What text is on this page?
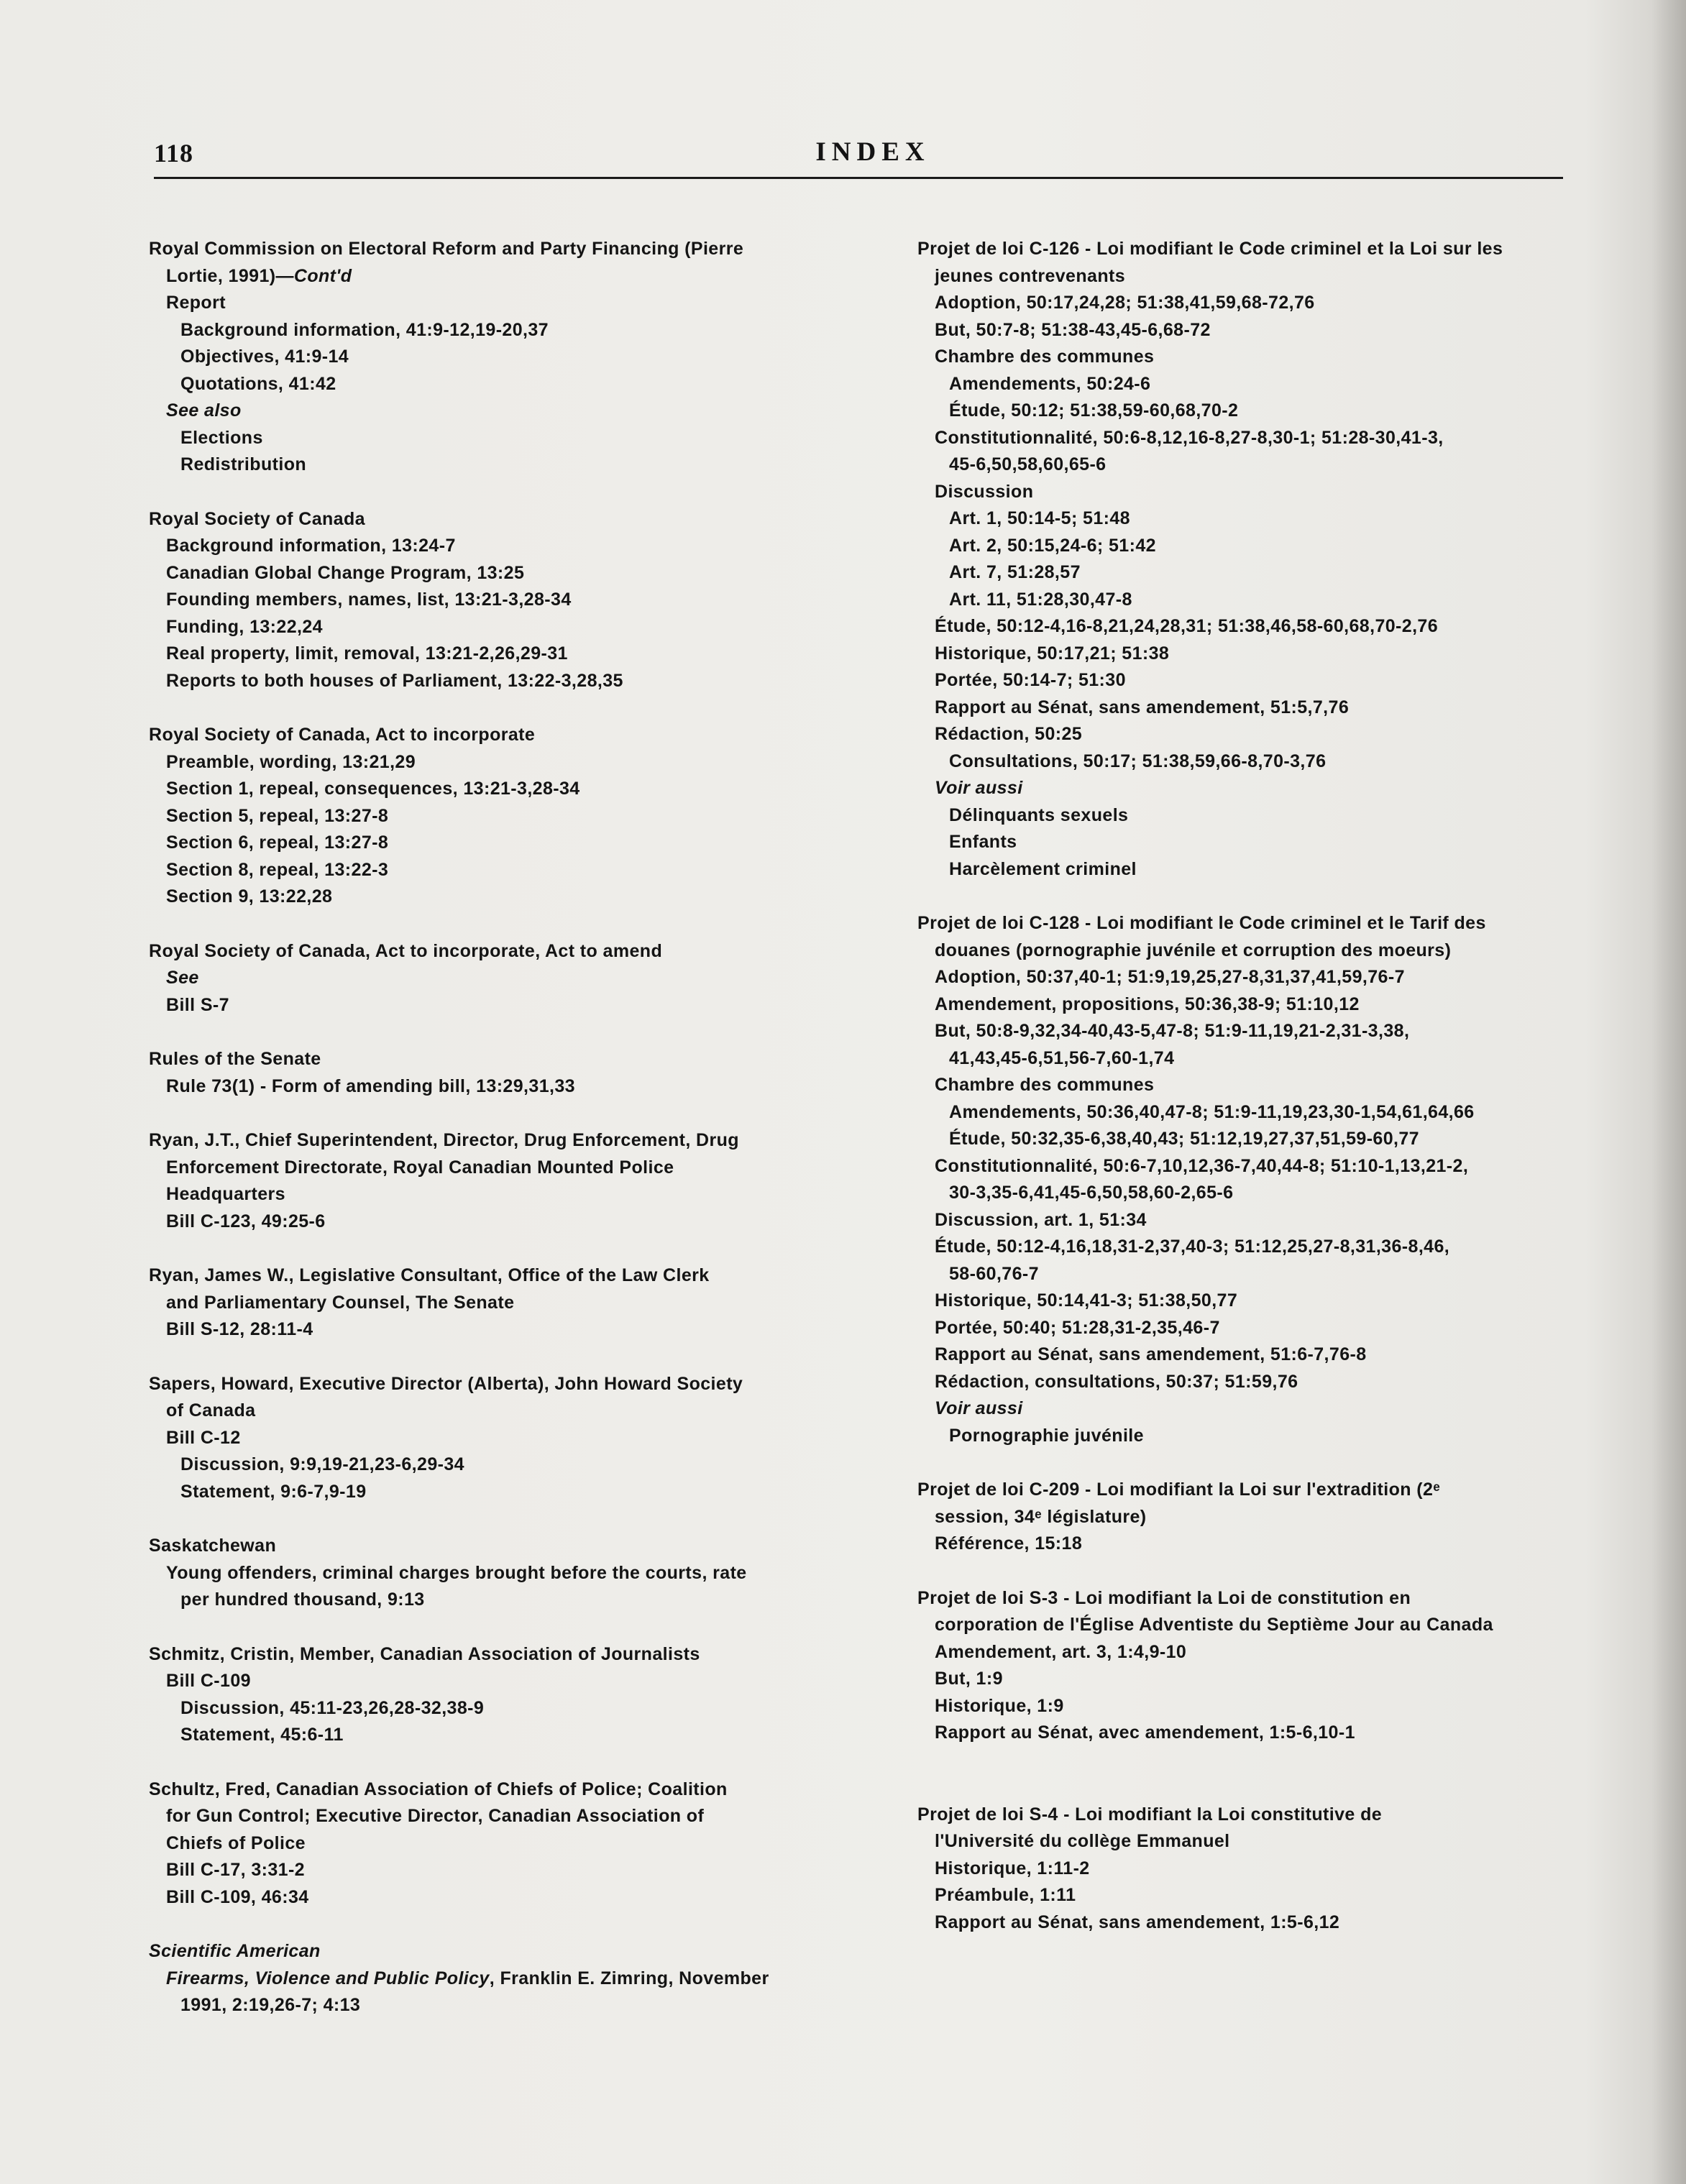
118	INDEX
Royal Commission on Electoral Reform and Party Financing (Pierre
Lortie, 1991)—Cont'd
Report
Background information, 41:9-12,19-20,37
Objectives, 41:9-14
Quotations, 41:42
See also
Elections
Redistribution
Royal Society of Canada
Background information, 13:24-7
Canadian Global Change Program, 13:25
Founding members, names, list, 13:21-3,28-34
Funding, 13:22,24
Real property, limit, removal, 13:21-2,26,29-31
Reports to both houses of Parliament, 13:22-3,28,35
Royal Society of Canada, Act to incorporate
Preamble, wording, 13:21,29
Section 1, repeal, consequences, 13:21-3,28-34
Section 5, repeal, 13:27-8
Section 6, repeal, 13:27-8
Section 8, repeal, 13:22-3
Section 9, 13:22,28
Royal Society of Canada, Act to incorporate, Act to amend
See
Bill S-7
Rules of the Senate
Rule 73(1) - Form of amending bill, 13:29,31,33
Ryan, J.T., Chief Superintendent, Director, Drug Enforcement, Drug
Enforcement Directorate, Royal Canadian Mounted Police
Headquarters
Bill C-123, 49:25-6
Ryan, James W., Legislative Consultant, Office of the Law Clerk
and Parliamentary Counsel, The Senate
Bill S-12, 28:11-4
Sapers, Howard, Executive Director (Alberta), John Howard Society
of Canada
Bill C-12
Discussion, 9:9,19-21,23-6,29-34
Statement, 9:6-7,9-19
Saskatchewan
Young offenders, criminal charges brought before the courts, rate
per hundred thousand, 9:13
Schmitz, Cristin, Member, Canadian Association of Journalists
Bill C-109
Discussion, 45:11-23,26,28-32,38-9
Statement, 45:6-11
Schultz, Fred, Canadian Association of Chiefs of Police; Coalition
for Gun Control; Executive Director, Canadian Association of
Chiefs of Police
Bill C-17, 3:31-2
Bill C-109, 46:34
Scientific American
Firearms, Violence and Public Policy, Franklin E. Zimring, November
1991, 2:19,26-7; 4:13
Projet de loi C-126 - Loi modifiant le Code criminel et la Loi sur les
jeunes contrevenants
Adoption, 50:17,24,28; 51:38,41,59,68-72,76
But, 50:7-8; 51:38-43,45-6,68-72
Chambre des communes
Amendements, 50:24-6
Étude, 50:12; 51:38,59-60,68,70-2
Constitutionnalité, 50:6-8,12,16-8,27-8,30-1; 51:28-30,41-3,
45-6,50,58,60,65-6
Discussion
Art. 1, 50:14-5; 51:48
Art. 2, 50:15,24-6; 51:42
Art. 7, 51:28,57
Art. 11, 51:28,30,47-8
Étude, 50:12-4,16-8,21,24,28,31; 51:38,46,58-60,68,70-2,76
Historique, 50:17,21; 51:38
Portée, 50:14-7; 51:30
Rapport au Sénat, sans amendement, 51:5,7,76
Rédaction, 50:25
Consultations, 50:17; 51:38,59,66-8,70-3,76
Voir aussi
Délinquants sexuels
Enfants
Harcèlement criminel
Projet de loi C-128 - Loi modifiant le Code criminel et le Tarif des
douanes (pornographie juvénile et corruption des moeurs)
Adoption, 50:37,40-1; 51:9,19,25,27-8,31,37,41,59,76-7
Amendement, propositions, 50:36,38-9; 51:10,12
But, 50:8-9,32,34-40,43-5,47-8; 51:9-11,19,21-2,31-3,38,
41,43,45-6,51,56-7,60-1,74
Chambre des communes
Amendements, 50:36,40,47-8; 51:9-11,19,23,30-1,54,61,64,66
Étude, 50:32,35-6,38,40,43; 51:12,19,27,37,51,59-60,77
Constitutionnalité, 50:6-7,10,12,36-7,40,44-8; 51:10-1,13,21-2,
30-3,35-6,41,45-6,50,58,60-2,65-6
Discussion, art. 1, 51:34
Étude, 50:12-4,16,18,31-2,37,40-3; 51:12,25,27-8,31,36-8,46,
58-60,76-7
Historique, 50:14,41-3; 51:38,50,77
Portée, 50:40; 51:28,31-2,35,46-7
Rapport au Sénat, sans amendement, 51:6-7,76-8
Rédaction, consultations, 50:37; 51:59,76
Voir aussi
Pornographie juvénile
Projet de loi C-209 - Loi modifiant la Loi sur l'extradition (2ᵉ
session, 34ᵉ législature)
Référence, 15:18
Projet de loi S-3 - Loi modifiant la Loi de constitution en
corporation de l'Église Adventiste du Septième Jour au Canada
Amendement, art. 3, 1:4,9-10
But, 1:9
Historique, 1:9
Rapport au Sénat, avec amendement, 1:5-6,10-1
Projet de loi S-4 - Loi modifiant la Loi constitutive de
l'Université du collège Emmanuel
Historique, 1:11-2
Préambule, 1:11
Rapport au Sénat, sans amendement, 1:5-6,12
